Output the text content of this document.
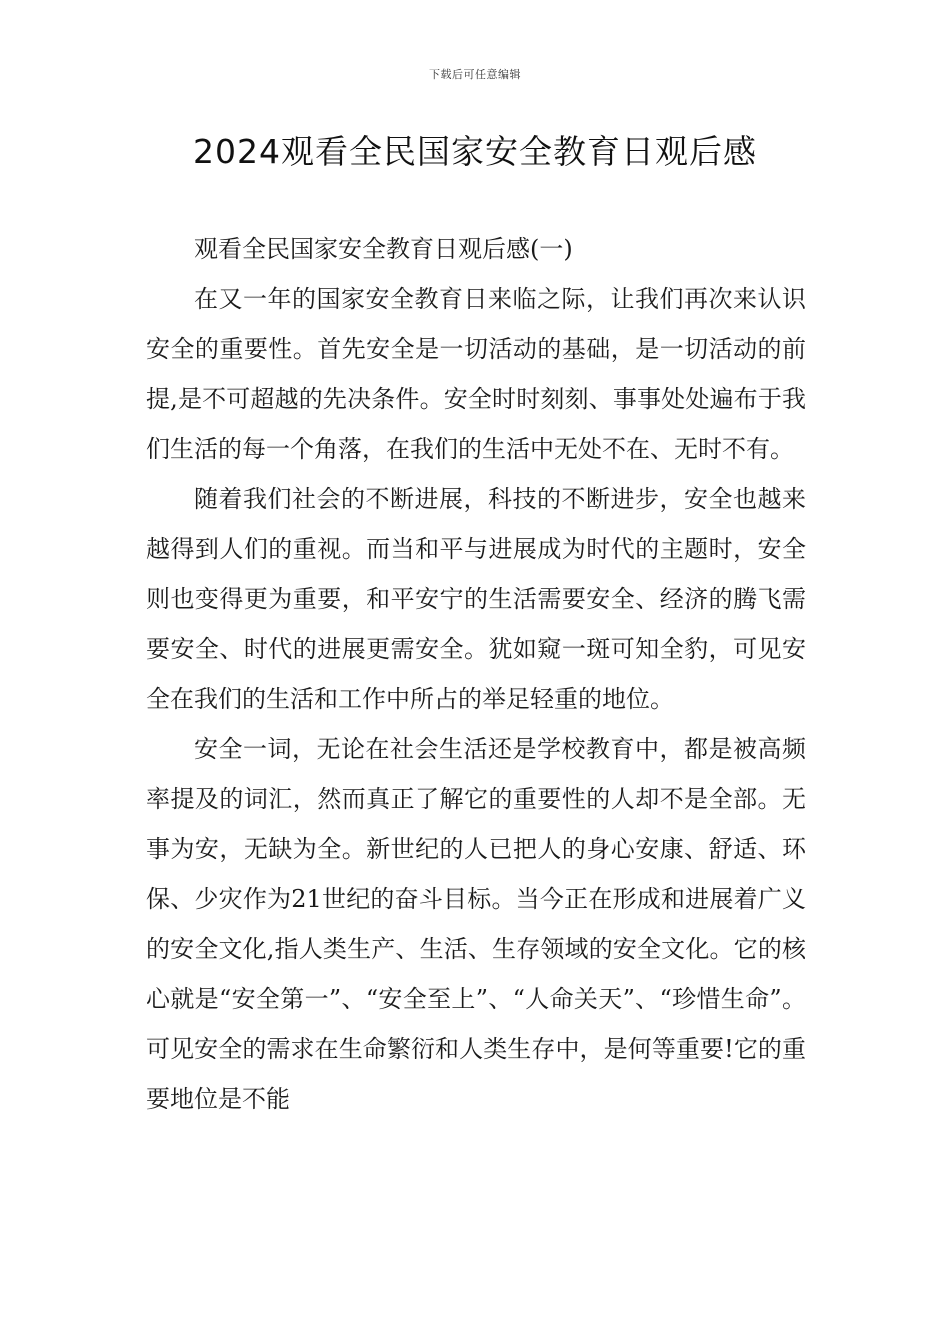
下载后可任意编辑
2024观看全民国家安全教育日观后感

观看全民国家安全教育日观后感(一)

在又一年的国家安全教育日来临之际，让我们再次来认识安全的重要性。首先安全是一切活动的基础，是一切活动的前提,是不可超越的先决条件。安全时时刻刻、事事处处遍布于我们生活的每一个角落，在我们的生活中无处不在、无时不有。

随着我们社会的不断进展，科技的不断进步，安全也越来越得到人们的重视。而当和平与进展成为时代的主题时，安全则也变得更为重要，和平安宁的生活需要安全、经济的腾飞需要安全、时代的进展更需安全。犹如窥一斑可知全豹，可见安全在我们的生活和工作中所占的举足轻重的地位。

安全一词，无论在社会生活还是学校教育中，都是被高频率提及的词汇，然而真正了解它的重要性的人却不是全部。无事为安，无缺为全。新世纪的人已把人的身心安康、舒适、环保、少灾作为21世纪的奋斗目标。当今正在形成和进展着广义的安全文化,指人类生产、生活、生存领域的安全文化。它的核心就是“安全第一”、“安全至上”、“人命关天”、“珍惜生命”。可见安全的需求在生命繁衍和人类生存中，是何等重要!它的重要地位是不能
